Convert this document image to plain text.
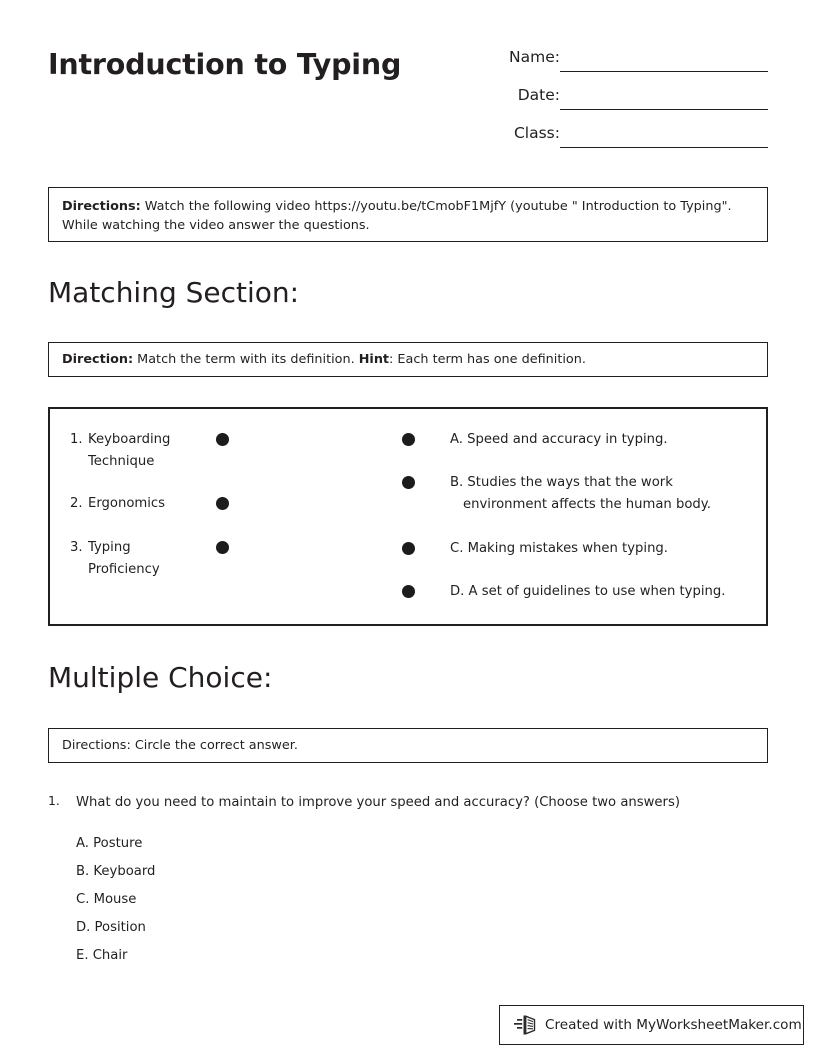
Introduction to Typing	Name:
Date:
Class:
Directions: Watch the following video https://youtu.be/tCmobF1MjfY (youtube " Introduction to Typing".
While watching the video answer the questions.
Matching Section:
Direction: Match the term with its definition. Hint: Each term has one definition.
1. Keyboarding
Technique
2. Ergonomics
3. Typing
Proficiency
A. Speed and accuracy in typing.
B. Studies the ways that the work
environment affects the human body.
C. Making mistakes when typing.
D. A set of guidelines to use when typing.
Multiple Choice:
Directions: Circle the correct answer.
1. What do you need to maintain to improve your speed and accuracy? (Choose two answers)
A. Posture
B. Keyboard
C. Mouse
D. Position
E. Chair
Created with MyWorksheetMaker.com
